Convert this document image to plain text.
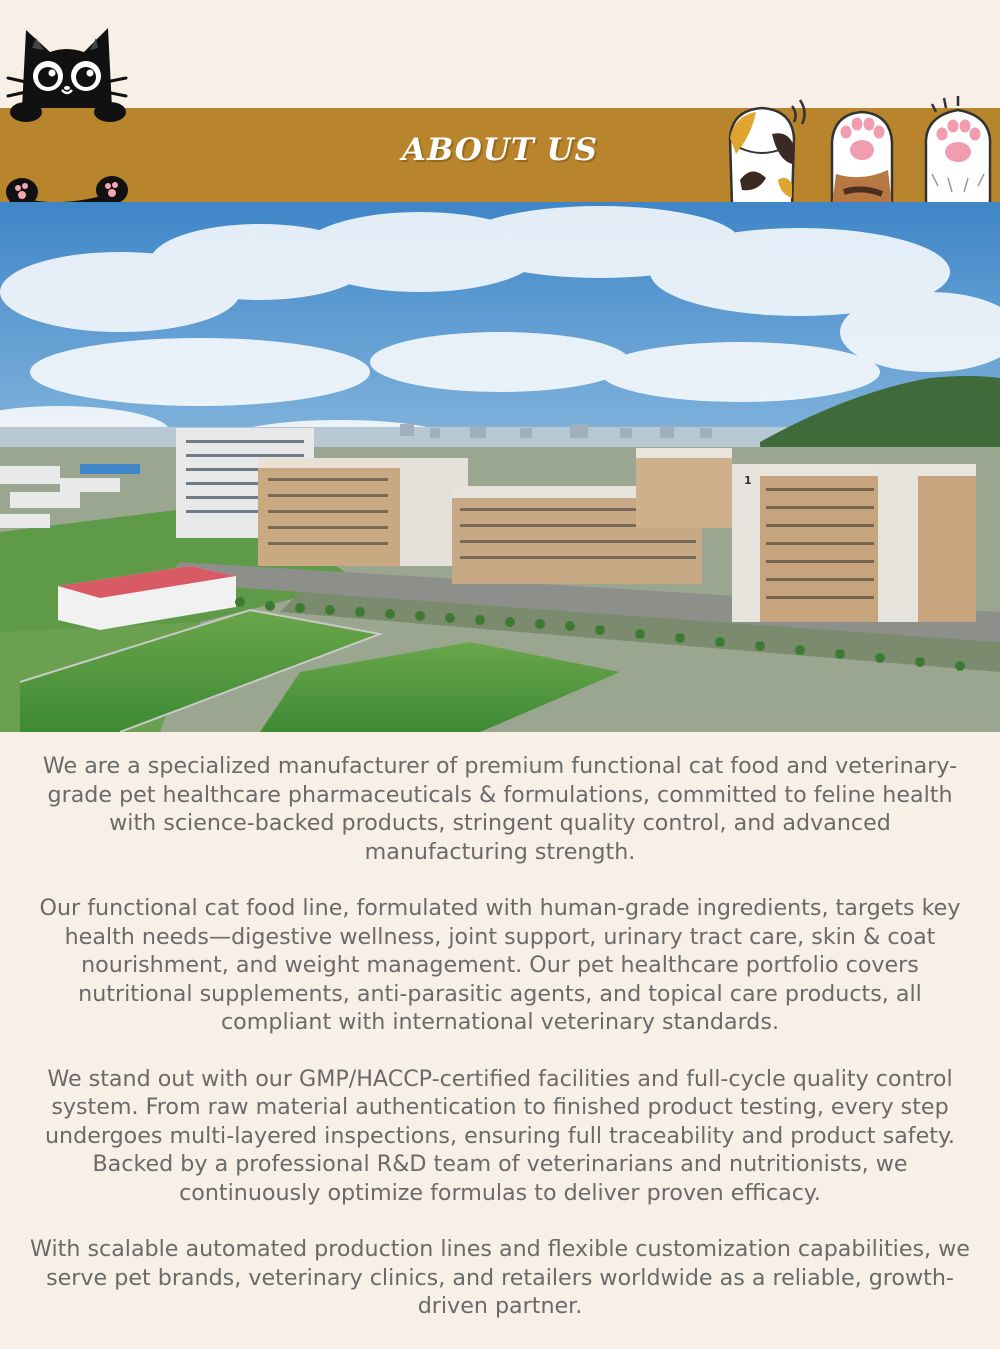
ABOUT US
1

We are a specialized manufacturer of premium functional cat food and veterinary-grade pet healthcare pharmaceuticals & formulations, committed to feline health with science-backed products, stringent quality control, and advanced manufacturing strength.

Our functional cat food line, formulated with human-grade ingredients, targets key health needs—digestive wellness, joint support, urinary tract care, skin & coat nourishment, and weight management. Our pet healthcare portfolio covers nutritional supplements, anti-parasitic agents, and topical care products, all compliant with international veterinary standards.

We stand out with our GMP/HACCP-certified facilities and full-cycle quality control system. From raw material authentication to finished product testing, every step undergoes multi-layered inspections, ensuring full traceability and product safety. Backed by a professional R&D team of veterinarians and nutritionists, we continuously optimize formulas to deliver proven efficacy.

With scalable automated production lines and flexible customization capabilities, we serve pet brands, veterinary clinics, and retailers worldwide as a reliable, growth-driven partner.
